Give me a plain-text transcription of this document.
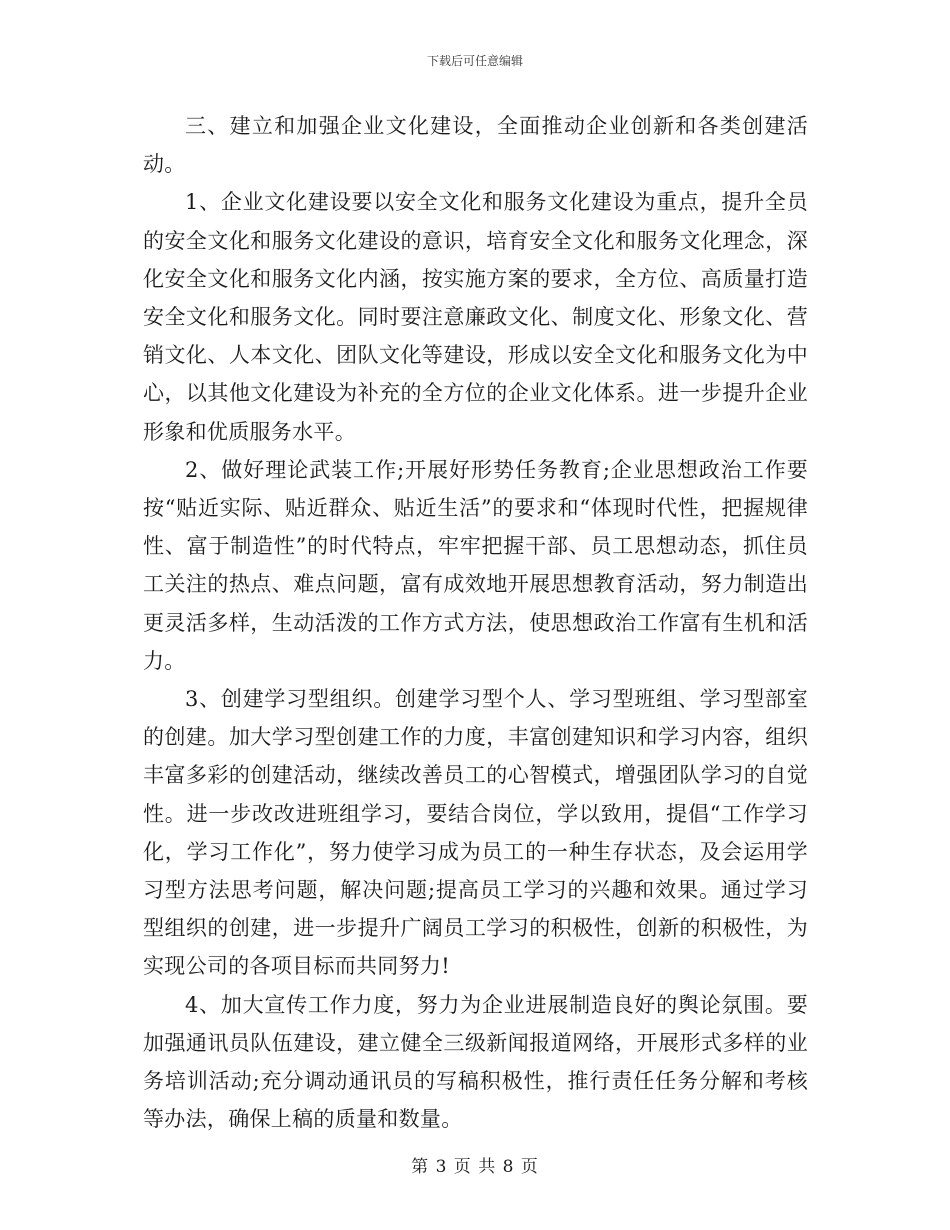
下载后可任意编辑

三、建立和加强企业文化建设，全面推动企业创新和各类创建活动。

1、企业文化建设要以安全文化和服务文化建设为重点，提升全员的安全文化和服务文化建设的意识，培育安全文化和服务文化理念，深化安全文化和服务文化内涵，按实施方案的要求，全方位、高质量打造安全文化和服务文化。同时要注意廉政文化、制度文化、形象文化、营销文化、人本文化、团队文化等建设，形成以安全文化和服务文化为中心，以其他文化建设为补充的全方位的企业文化体系。进一步提升企业形象和优质服务水平。

2、做好理论武装工作;开展好形势任务教育;企业思想政治工作要按“贴近实际、贴近群众、贴近生活”的要求和“体现时代性，把握规律性、富于制造性”的时代特点，牢牢把握干部、员工思想动态，抓住员工关注的热点、难点问题，富有成效地开展思想教育活动，努力制造出更灵活多样，生动活泼的工作方式方法，使思想政治工作富有生机和活力。

3、创建学习型组织。创建学习型个人、学习型班组、学习型部室的创建。加大学习型创建工作的力度，丰富创建知识和学习内容，组织丰富多彩的创建活动，继续改善员工的心智模式，增强团队学习的自觉性。进一步改改进班组学习，要结合岗位，学以致用，提倡“工作学习化，学习工作化”，努力使学习成为员工的一种生存状态，及会运用学习型方法思考问题，解决问题;提高员工学习的兴趣和效果。通过学习型组织的创建，进一步提升广阔员工学习的积极性，创新的积极性，为实现公司的各项目标而共同努力!

4、加大宣传工作力度，努力为企业进展制造良好的舆论氛围。要加强通讯员队伍建设，建立健全三级新闻报道网络，开展形式多样的业务培训活动;充分调动通讯员的写稿积极性，推行责任任务分解和考核等办法，确保上稿的质量和数量。

第 3 页 共 8 页
